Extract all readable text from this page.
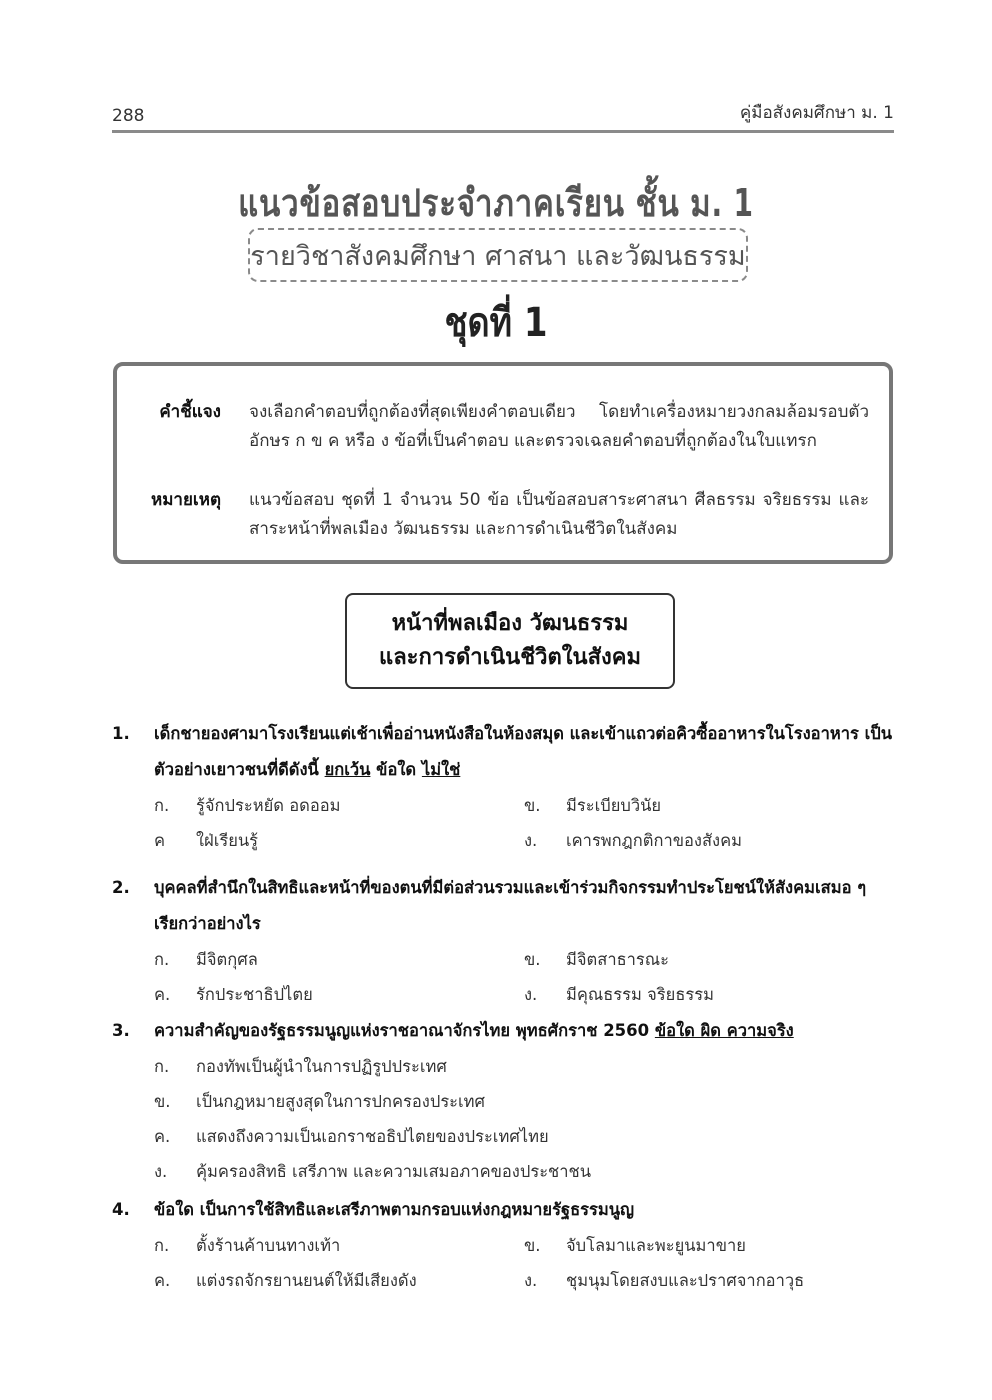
288	คู่มือสังคมศึกษา ม. 1
แนวข้อสอบประจำภาคเรียน ชั้น ม. 1
รายวิชาสังคมศึกษา ศาสนา และวัฒนธรรม
ชุดที่ 1
คำชี้แจง	จงเลือกคำตอบที่ถูกต้องที่สุดเพียงคำตอบเดียว โดยทำเครื่องหมายวงกลมล้อมรอบตัวอักษร ก ข ค หรือ ง ข้อที่เป็นคำตอบ และตรวจเฉลยคำตอบที่ถูกต้องในใบแทรก
หมายเหตุ	แนวข้อสอบ ชุดที่ 1 จำนวน 50 ข้อ เป็นข้อสอบสาระศาสนา ศีลธรรม จริยธรรม และสาระหน้าที่พลเมือง วัฒนธรรม และการดำเนินชีวิตในสังคม
หน้าที่พลเมือง วัฒนธรรม
และการดำเนินชีวิตในสังคม
1.	เด็กชายองศามาโรงเรียนแต่เช้าเพื่ออ่านหนังสือในห้องสมุด และเข้าแถวต่อคิวซื้ออาหารในโรงอาหาร เป็นตัวอย่างเยาวชนที่ดีดังนี้ ยกเว้น ข้อใด ไม่ใช่
ก.	รู้จักประหยัด อดออม	ข.	มีระเบียบวินัย
ค	ใฝ่เรียนรู้	ง.	เคารพกฎกติกาของสังคม
2.	บุคคลที่สำนึกในสิทธิและหน้าที่ของตนที่มีต่อส่วนรวมและเข้าร่วมกิจกรรมทำประโยชน์ให้สังคมเสมอ ๆ เรียกว่าอย่างไร
ก.	มีจิตกุศล	ข.	มีจิตสาธารณะ
ค.	รักประชาธิปไตย	ง.	มีคุณธรรม จริยธรรม
3.	ความสำคัญของรัฐธรรมนูญแห่งราชอาณาจักรไทย พุทธศักราช 2560 ข้อใด ผิด ความจริง
ก.	กองทัพเป็นผู้นำในการปฏิรูปประเทศ
ข.	เป็นกฎหมายสูงสุดในการปกครองประเทศ
ค.	แสดงถึงความเป็นเอกราชอธิปไตยของประเทศไทย
ง.	คุ้มครองสิทธิ เสรีภาพ และความเสมอภาคของประชาชน
4.	ข้อใด เป็นการใช้สิทธิและเสรีภาพตามกรอบแห่งกฎหมายรัฐธรรมนูญ
ก.	ตั้งร้านค้าบนทางเท้า	ข.	จับโลมาและพะยูนมาขาย
ค.	แต่งรถจักรยานยนต์ให้มีเสียงดัง	ง.	ชุมนุมโดยสงบและปราศจากอาวุธ
